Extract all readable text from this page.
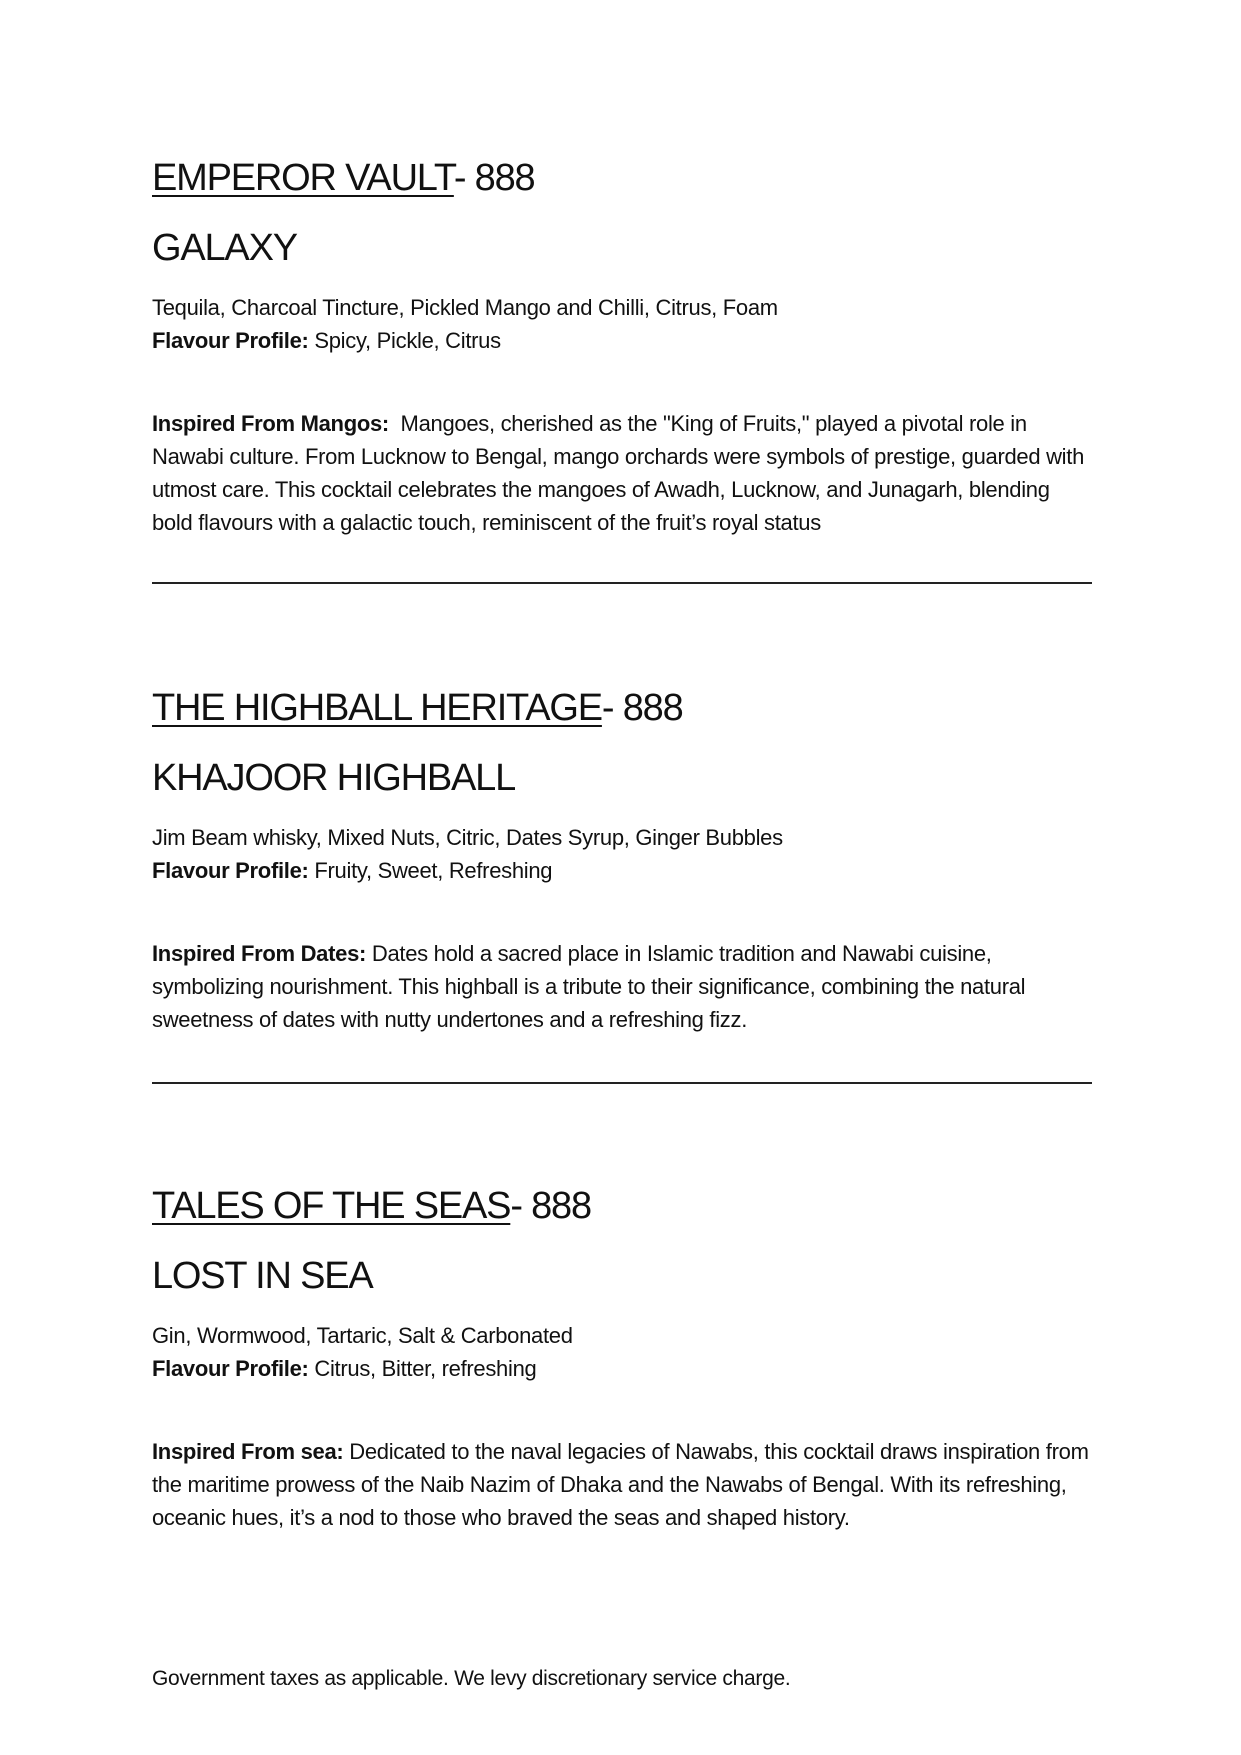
EMPEROR VAULT- 888
GALAXY

Tequila, Charcoal Tincture, Pickled Mango and Chilli, Citrus, Foam

Flavour Profile: Spicy, Pickle, Citrus

Inspired From Mangos:  Mangoes, cherished as the "King of Fruits," played a pivotal role in Nawabi culture. From Lucknow to Bengal, mango orchards were symbols of prestige, guarded with utmost care. This cocktail celebrates the mangoes of Awadh, Lucknow, and Junagarh, blending bold flavours with a galactic touch, reminiscent of the fruit’s royal status

THE HIGHBALL HERITAGE- 888
KHAJOOR HIGHBALL

Jim Beam whisky, Mixed Nuts, Citric, Dates Syrup, Ginger Bubbles

Flavour Profile: Fruity, Sweet, Refreshing

Inspired From Dates: Dates hold a sacred place in Islamic tradition and Nawabi cuisine, symbolizing nourishment. This highball is a tribute to their significance, combining the natural sweetness of dates with nutty undertones and a refreshing fizz.

TALES OF THE SEAS- 888
LOST IN SEA

Gin, Wormwood, Tartaric, Salt & Carbonated

Flavour Profile: Citrus, Bitter, refreshing

Inspired From sea: Dedicated to the naval legacies of Nawabs, this cocktail draws inspiration from the maritime prowess of the Naib Nazim of Dhaka and the Nawabs of Bengal. With its refreshing, oceanic hues, it’s a nod to those who braved the seas and shaped history.

Government taxes as applicable. We levy discretionary service charge.
